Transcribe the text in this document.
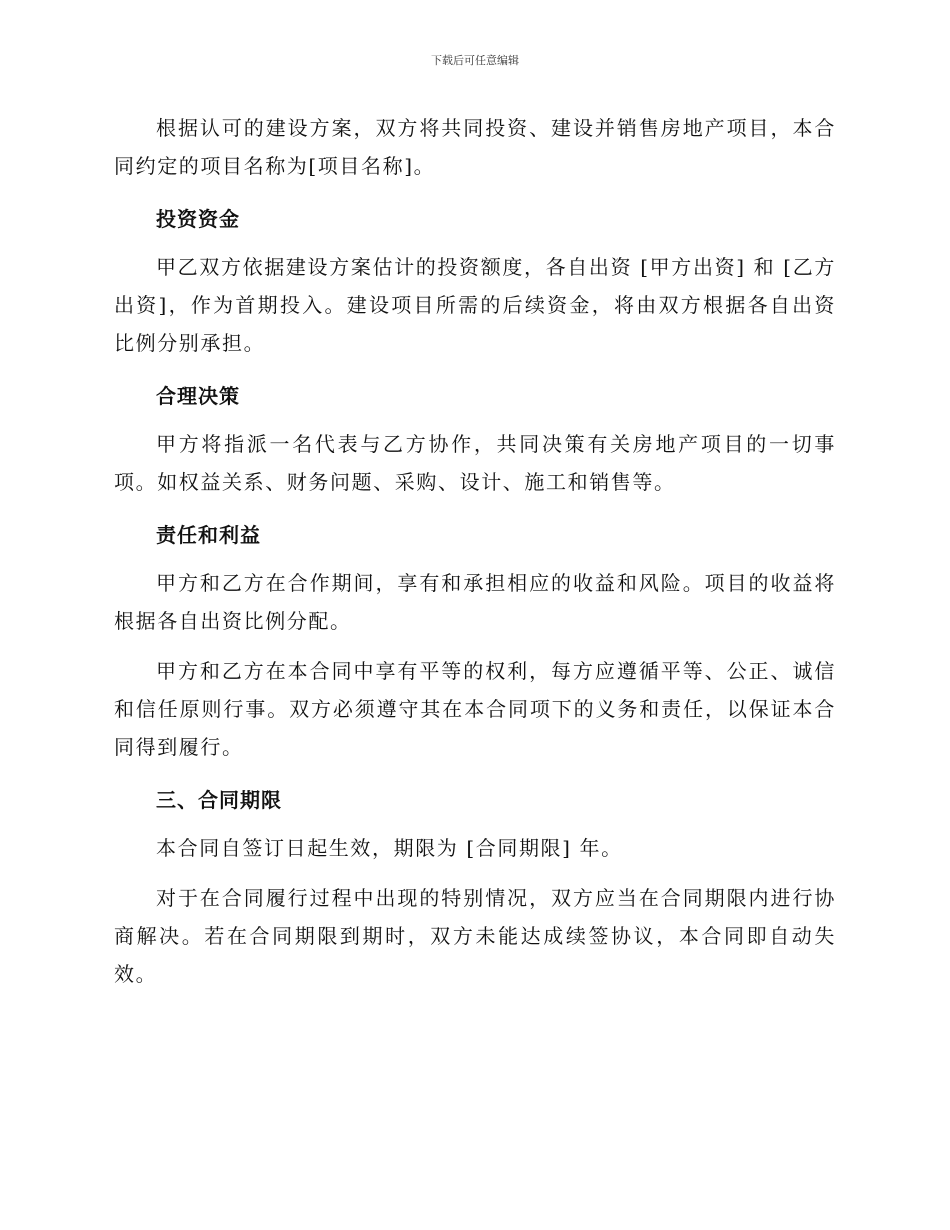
下载后可任意编辑

根据认可的建设方案，双方将共同投资、建设并销售房地产项目，本合同约定的项目名称为[项目名称]。

投资资金

甲乙双方依据建设方案估计的投资额度，各自出资 [甲方出资] 和 [乙方出资]，作为首期投入。建设项目所需的后续资金，将由双方根据各自出资比例分别承担。

合理决策

甲方将指派一名代表与乙方协作，共同决策有关房地产项目的一切事项。如权益关系、财务问题、采购、设计、施工和销售等。

责任和利益

甲方和乙方在合作期间，享有和承担相应的收益和风险。项目的收益将根据各自出资比例分配。

甲方和乙方在本合同中享有平等的权利，每方应遵循平等、公正、诚信和信任原则行事。双方必须遵守其在本合同项下的义务和责任，以保证本合同得到履行。

三、合同期限

本合同自签订日起生效，期限为 [合同期限] 年。

对于在合同履行过程中出现的特别情况，双方应当在合同期限内进行协商解决。若在合同期限到期时，双方未能达成续签协议，本合同即自动失效。
